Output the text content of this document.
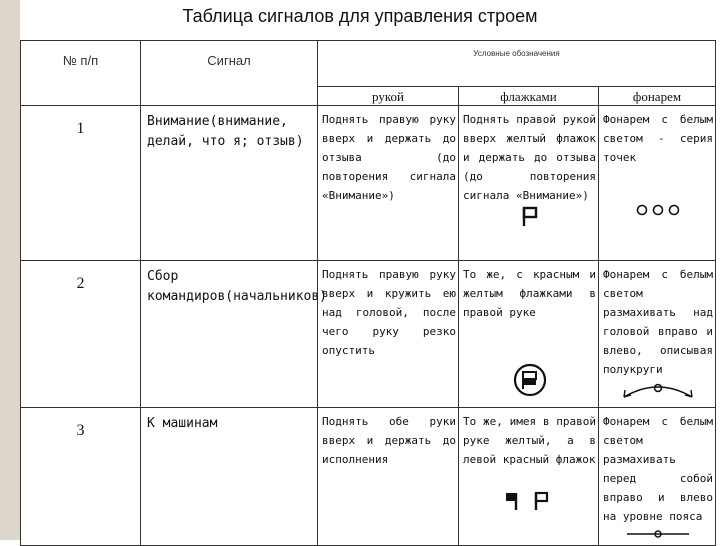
Таблица сигналов для управления строем
№ п/п	Сигнал	Условные обозначения		
		рукой	флажками	фонарем
1	Внимание(внимание, делай, что я; отзыв)	Поднять правую руку вверх и держать до отзыва (до повторения сигнала «Внимание»)	Поднять правой рукой вверх желтый флажок и держать до отзыва (до повторения сигнала «Внимание»)	Фонарем с белым светом - серия точек

2	Сбор командиров(начальников)	Поднять правую руку вверх и кружить ею над головой, после чего руку резко опустить	То же, с красным и желтым флажками в правой руке	Фонарем с белым светом размахивать над головой вправо и влево, описывая полукруги

3	К машинам	Поднять обе руки вверх и держать до исполнения	То же, имея в правой руке желтый, а в левой красный флажок	Фонарем с белым светом размахивать перед собой вправо и влево на уровне пояса
